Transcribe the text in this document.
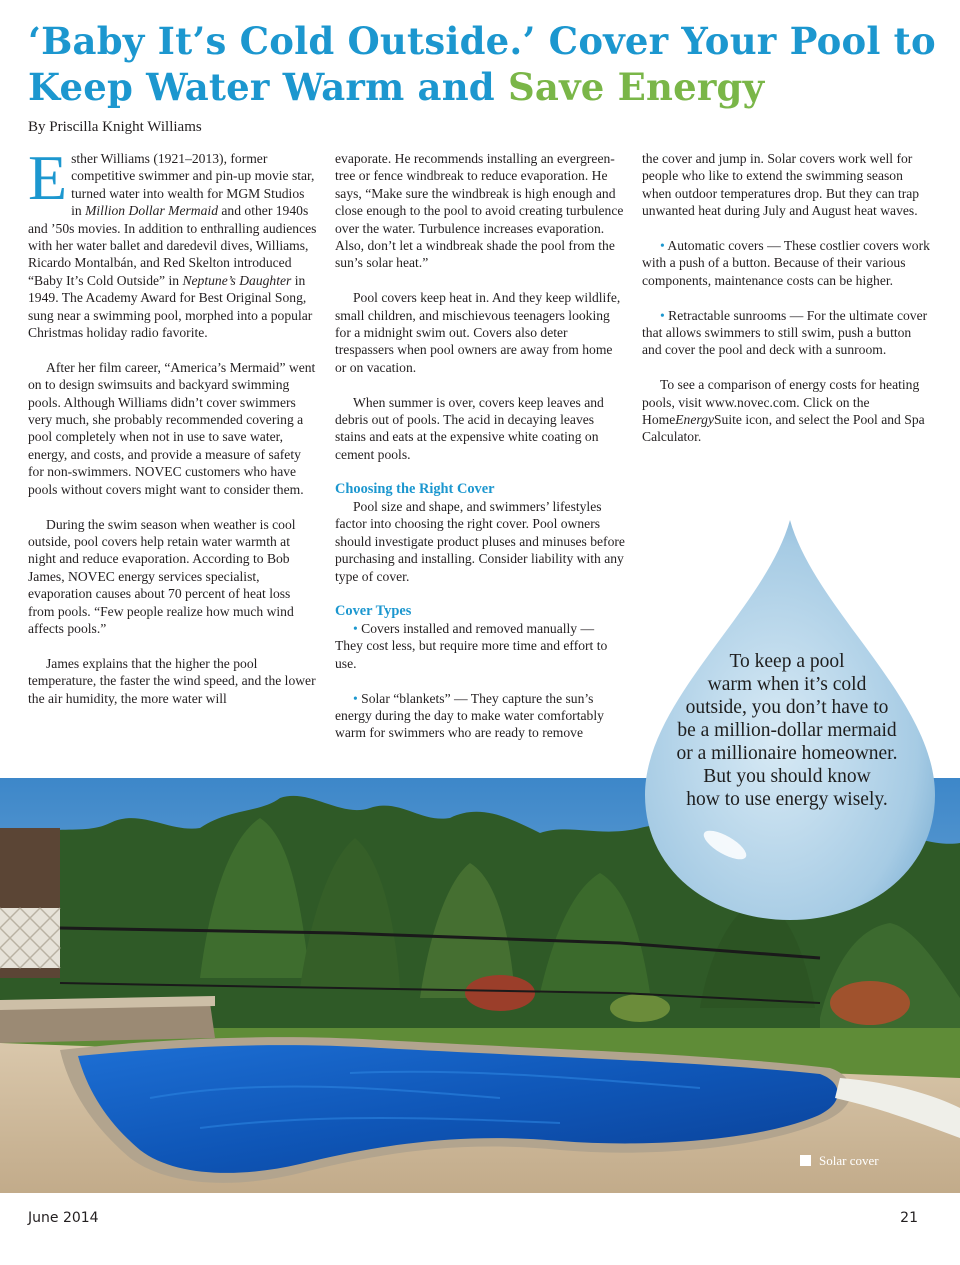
‘Baby It’s Cold Outside.’ Cover Your Pool to Keep Water Warm and Save Energy

By Priscilla Knight Williams

Esther Williams (1921–2013), former competitive swimmer and pin-up movie star, turned water into wealth for MGM Studios in Million Dollar Mermaid and other 1940s and ’50s movies. In addition to enthralling audiences with her water ballet and daredevil dives, Williams, Ricardo Montalbán, and Red Skelton introduced “Baby It’s Cold Outside” in Neptune’s Daughter in 1949. The Academy Award for Best Original Song, sung near a swimming pool, morphed into a popular Christmas holiday radio favorite.

After her film career, “America’s Mermaid” went on to design swimsuits and backyard swimming pools. Although Williams didn’t cover swimmers very much, she probably recommended covering a pool completely when not in use to save water, energy, and costs, and provide a measure of safety for non-swimmers. NOVEC customers who have pools without covers might want to consider them.

During the swim season when weather is cool outside, pool covers help retain water warmth at night and reduce evaporation. According to Bob James, NOVEC energy services specialist, evaporation causes about 70 percent of heat loss from pools. “Few people realize how much wind affects pools.”

James explains that the higher the pool temperature, the faster the wind speed, and the lower the air humidity, the more water will

evaporate. He recommends installing an evergreen-tree or fence windbreak to reduce evaporation. He says, “Make sure the windbreak is high enough and close enough to the pool to avoid creating turbulence over the water. Turbulence increases evaporation. Also, don’t let a windbreak shade the pool from the sun’s solar heat.”

Pool covers keep heat in. And they keep wildlife, small children, and mischievous teenagers looking for a midnight swim out. Covers also deter trespassers when pool owners are away from home or on vacation.

When summer is over, covers keep leaves and debris out of pools. The acid in decaying leaves stains and eats at the expensive white coating on cement pools.

Choosing the Right Cover

Pool size and shape, and swimmers’ lifestyles factor into choosing the right cover. Pool owners should investigate product pluses and minuses before purchasing and installing. Consider liability with any type of cover.

Cover Types

• Covers installed and removed manually — They cost less, but require more time and effort to use.

• Solar “blankets” — They capture the sun’s energy during the day to make water comfortably warm for swimmers who are ready to remove

the cover and jump in. Solar covers work well for people who like to extend the swimming season when outdoor temperatures drop. But they can trap unwanted heat during July and August heat waves.

• Automatic covers — These costlier covers work with a push of a button. Because of their various components, maintenance costs can be higher.

• Retractable sunrooms — For the ultimate cover that allows swimmers to still swim, push a button and cover the pool and deck with a sunroom.

To see a comparison of energy costs for heating pools, visit www.novec.com. Click on the HomeEnergySuite icon, and select the Pool and Spa Calculator.

To keep a pool
warm when it’s cold
outside, you don’t have to
be a million-dollar mermaid
or a millionaire homeowner.
But you should know
how to use energy wisely.
Solar cover
June 2014	21
